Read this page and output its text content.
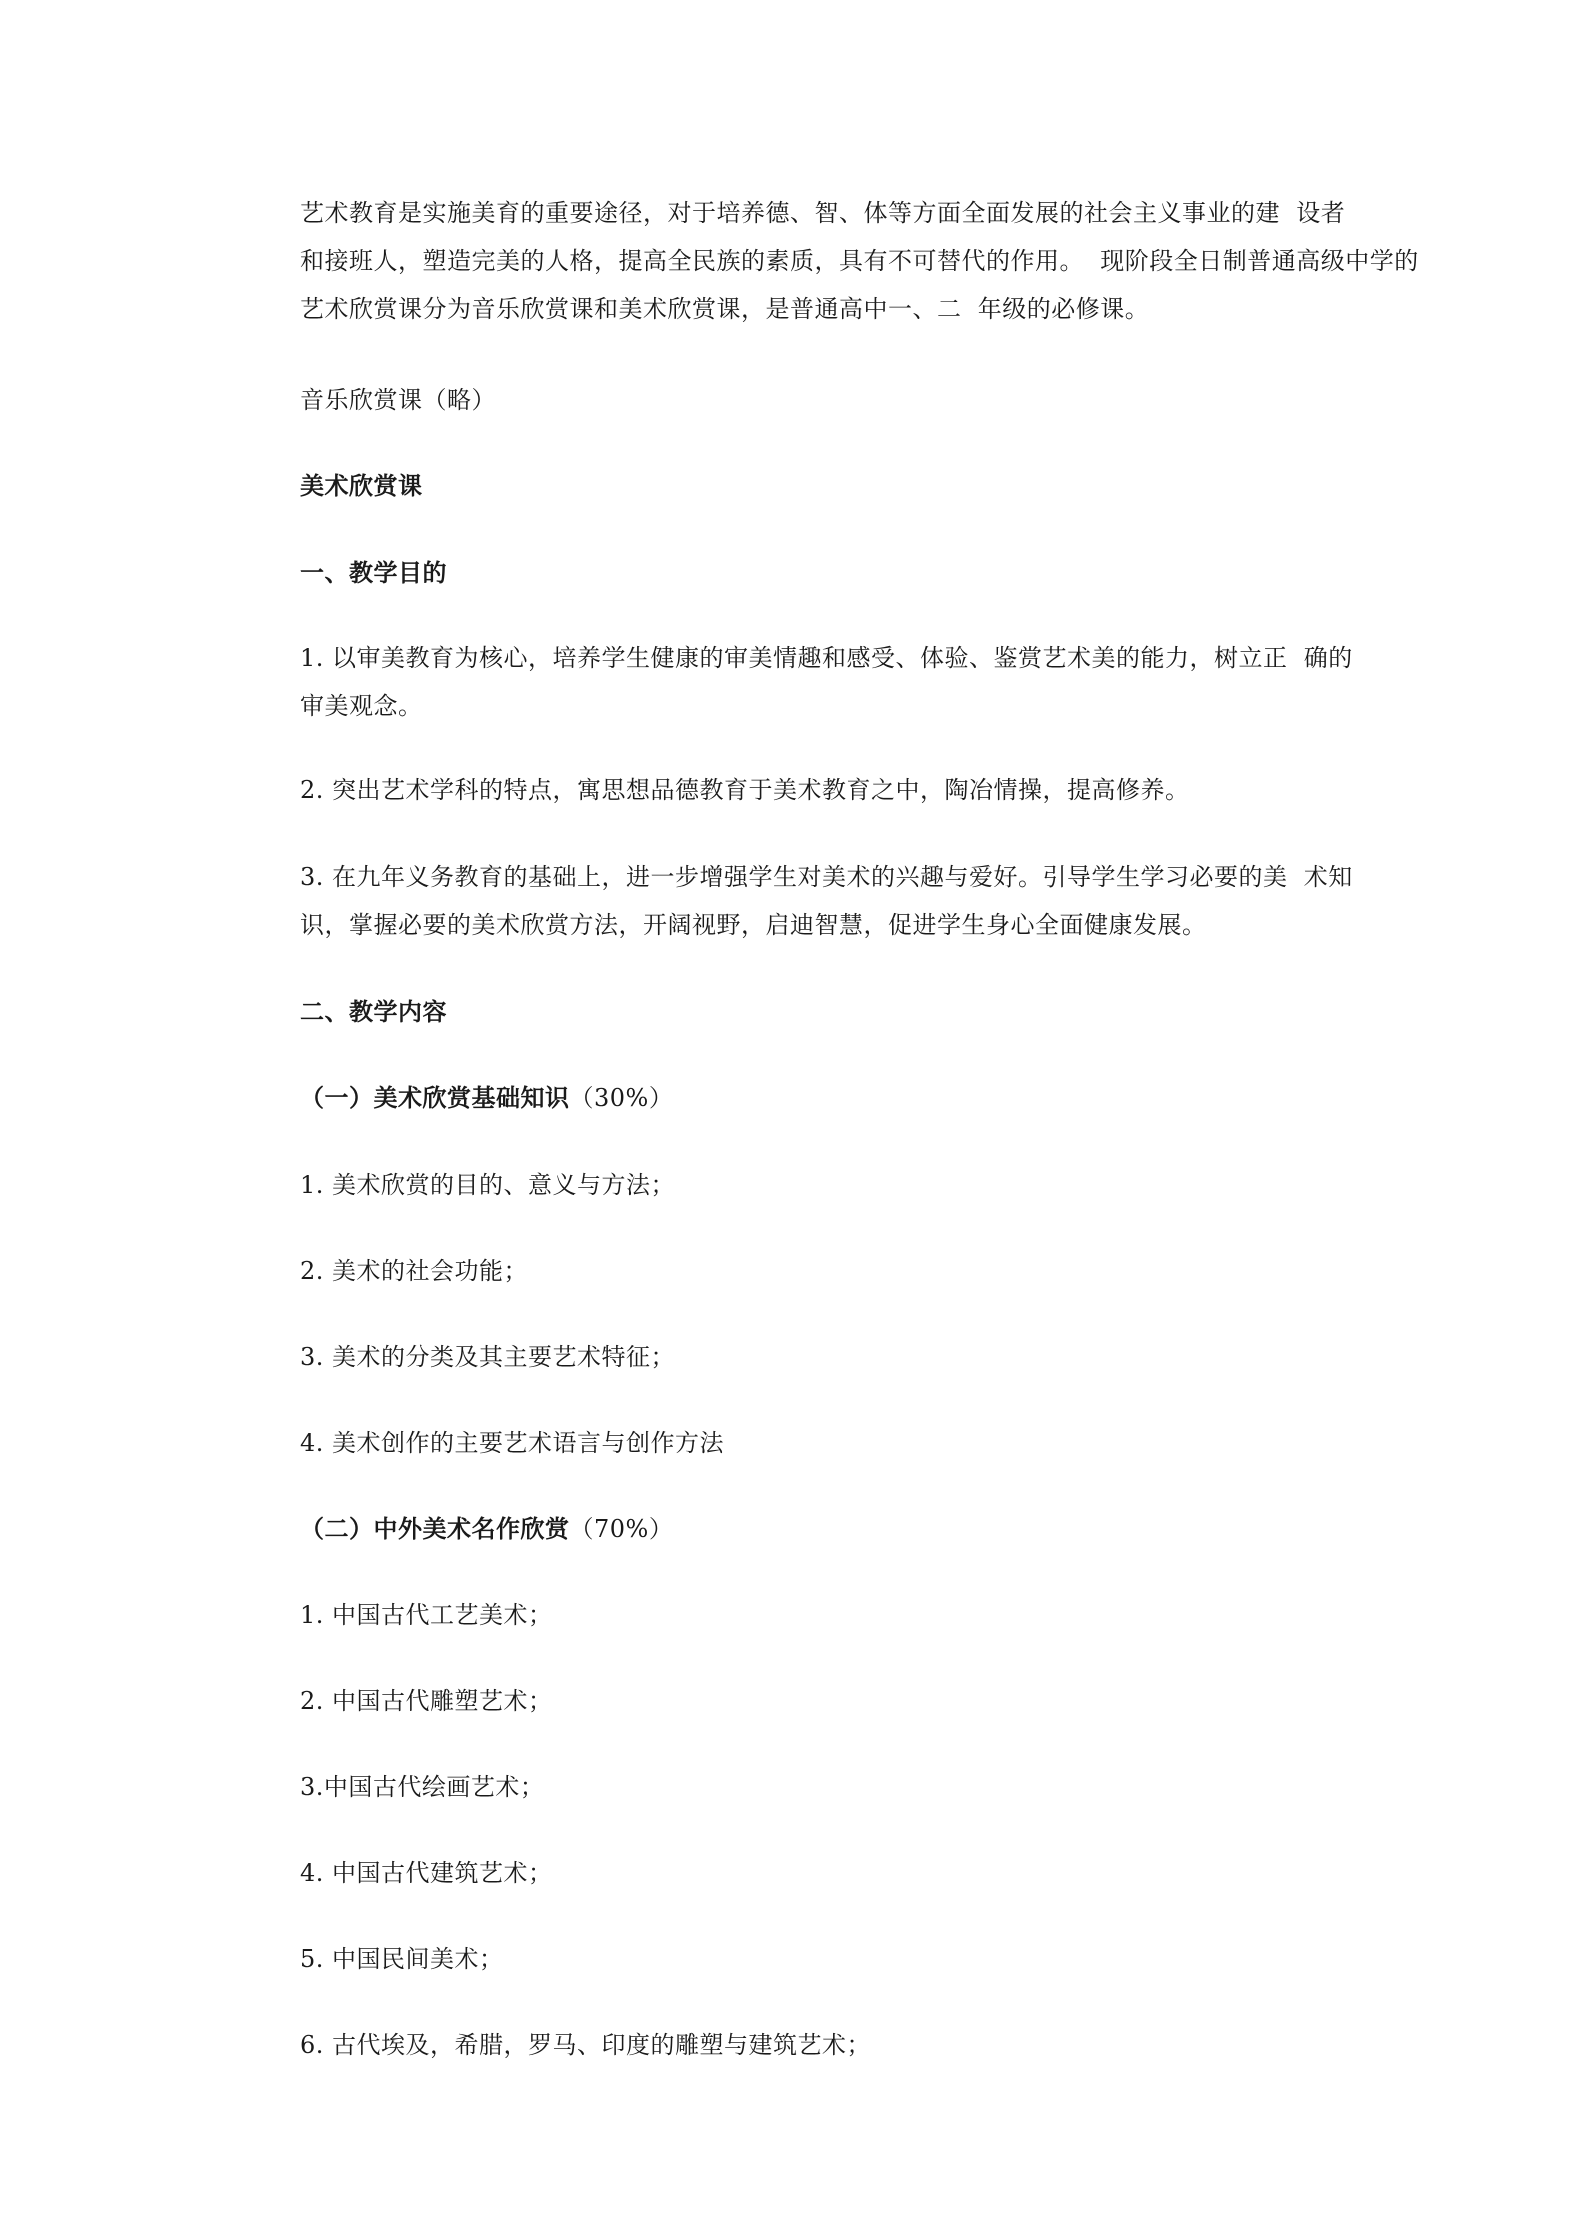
艺术教育是实施美育的重要途径，对于培养德、智、体等方面全面发展的社会主义事业的建  设者

和接班人，塑造完美的人格，提高全民族的素质，具有不可替代的作用。  现阶段全日制普通高级中学的

艺术欣赏课分为音乐欣赏课和美术欣赏课，是普通高中一、二  年级的必修课。

音乐欣赏课（略）

美术欣赏课

一、教学目的

1. 以审美教育为核心，培养学生健康的审美情趣和感受、体验、鉴赏艺术美的能力，树立正  确的

审美观念。

2. 突出艺术学科的特点，寓思想品德教育于美术教育之中，陶冶情操，提高修养。

3. 在九年义务教育的基础上，进一步增强学生对美术的兴趣与爱好。引导学生学习必要的美  术知

识，掌握必要的美术欣赏方法，开阔视野，启迪智慧，促进学生身心全面健康发展。

二、教学内容

（一）美术欣赏基础知识（30%）

1. 美术欣赏的目的、意义与方法；

2. 美术的社会功能；

3. 美术的分类及其主要艺术特征；

4. 美术创作的主要艺术语言与创作方法

（二）中外美术名作欣赏（70%）

1. 中国古代工艺美术；

2. 中国古代雕塑艺术；

3.中国古代绘画艺术；

4. 中国古代建筑艺术；

5. 中国民间美术；

6. 古代埃及，希腊，罗马、印度的雕塑与建筑艺术；
